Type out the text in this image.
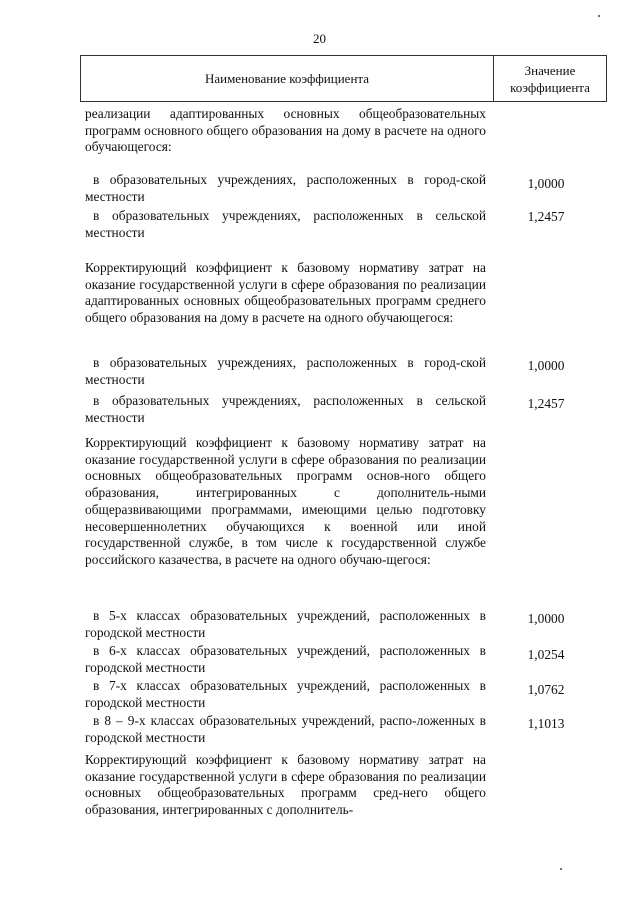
20
Наименование коэффициента
Значение коэффициента
реализации адаптированных основных общеобразовательных программ основного общего образования на дому в расчете на одного обучающегося:
в образовательных учреждениях, расположенных в город-ской местности
1,0000
в образовательных учреждениях, расположенных в сельской местности
1,2457
Корректирующий коэффициент к базовому нормативу затрат на оказание государственной услуги в сфере образования по реализации адаптированных основных общеобразовательных программ среднего общего образования на дому в расчете на одного обучающегося:
в образовательных учреждениях, расположенных в город-ской местности
1,0000
в образовательных учреждениях, расположенных в сельской местности
1,2457
Корректирующий коэффициент к базовому нормативу затрат на оказание государственной услуги в сфере образования по реализации основных общеобразовательных программ основ-ного общего образования, интегрированных с дополнитель-ными общеразвивающими программами, имеющими целью подготовку несовершеннолетних обучающихся к военной или иной государственной службе, в том числе к государственной службе российского казачества, в расчете на одного обучаю-щегося:
в 5-х классах образовательных учреждений, расположенных в городской местности
1,0000
в 6-х классах образовательных учреждений, расположенных в городской местности
1,0254
в 7-х классах образовательных учреждений, расположенных в городской местности
1,0762
в 8 – 9-х классах образовательных учреждений, распо-ложенных в городской местности
1,1013
Корректирующий коэффициент к базовому нормативу затрат на оказание государственной услуги в сфере образования по реализации основных общеобразовательных программ сред-него общего образования, интегрированных с дополнитель-
